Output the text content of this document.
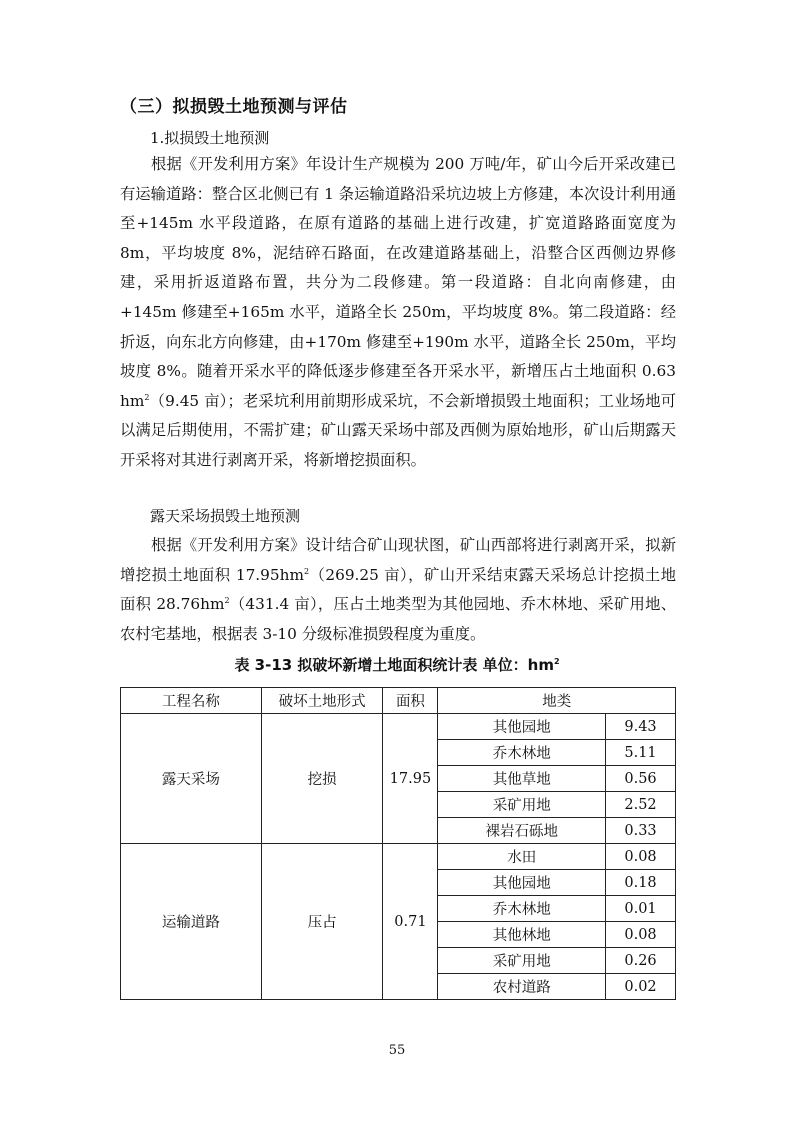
（三）拟损毁土地预测与评估
1.拟损毁土地预测

根据《开发利用方案》年设计生产规模为 200 万吨/年，矿山今后开采改建已有运输道路：整合区北侧已有 1 条运输道路沿采坑边坡上方修建，本次设计利用通至+145m 水平段道路，在原有道路的基础上进行改建，扩宽道路路面宽度为 8m，平均坡度 8%，泥结碎石路面，在改建道路基础上，沿整合区西侧边界修建，采用折返道路布置，共分为二段修建。第一段道路：自北向南修建，由+145m 修建至+165m 水平，道路全长 250m，平均坡度 8%。第二段道路：经折返，向东北方向修建，由+170m 修建至+190m 水平，道路全长 250m，平均坡度 8%。随着开采水平的降低逐步修建至各开采水平，新增压占土地面积 0.63 $hm^2(9.45$ 亩）；老采坑利用前期形成采坑，不会新增损毁土地面积；工业场地可以满足后期使用，不需扩建；矿山露天采场中部及西侧为原始地形，矿山后期露天开采将对其进行剥离开采，将新增挖损面积。

露天采场损毁土地预测

根据《开发利用方案》设计结合矿山现状图，矿山西部将进行剥离开采，拟新增挖损土地面积 $17.95hm^2(269.25$ 亩），矿山开采结束露天采场总计挖损土地面积 $28.76hm^2(431.4$ 亩），压占土地类型为其他园地、乔木林地、采矿用地、农村宅基地，根据表 3-10 分级标准损毁程度为重度。

表 3-13 拟破坏新增土地面积统计表 单位：$hm^2$
工程名称	破坏土地形式	面积	地类	
露天采场	挖损	17.95	其他园地	9.43
			乔木林地	5.11
			其他草地	0.56
			采矿用地	2.52
			裸岩石砾地	0.33
运输道路	压占	0.71	水田	0.08
			其他园地	0.18
			乔木林地	0.01
			其他林地	0.08
			采矿用地	0.26
			农村道路	0.02
55
